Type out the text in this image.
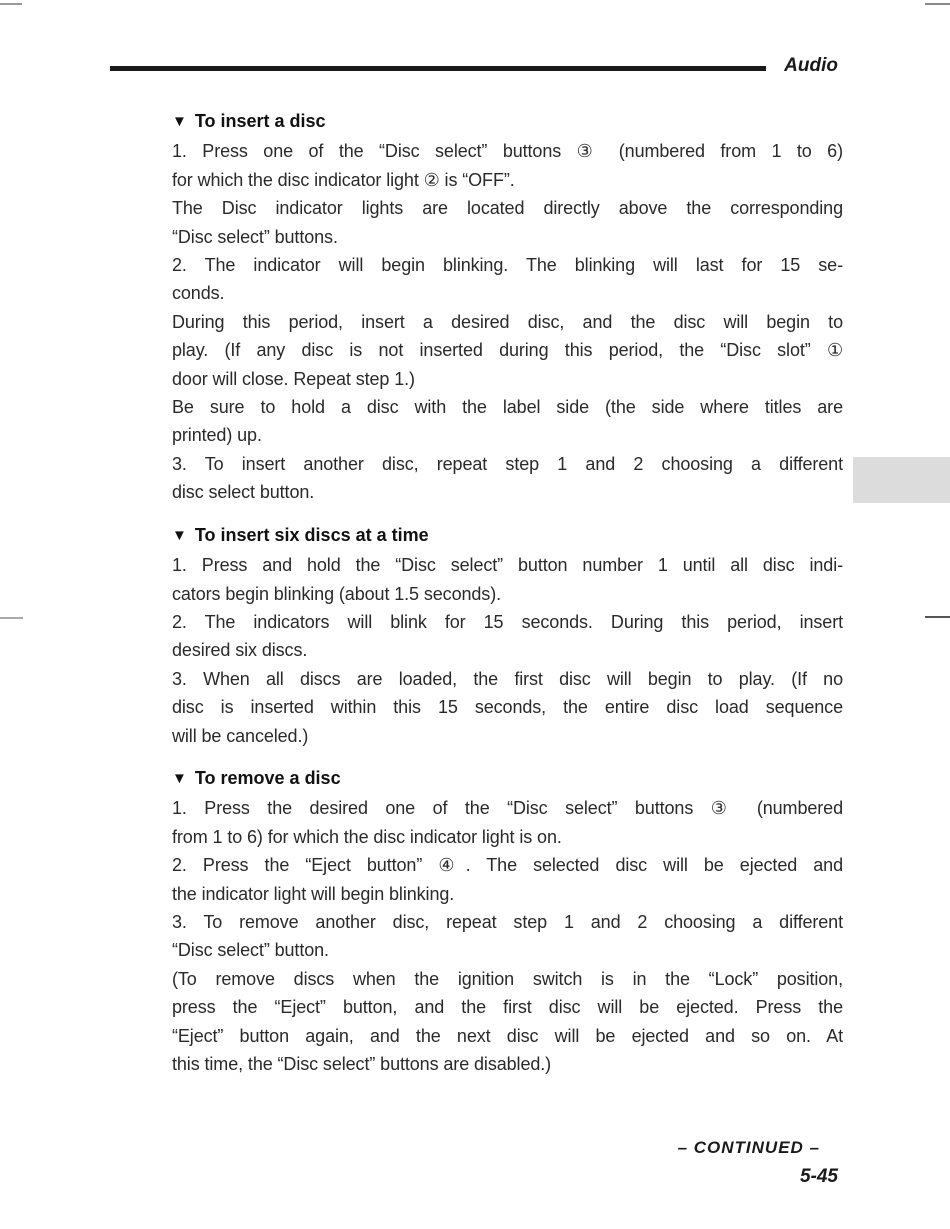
Audio
▼ To insert a disc
1. Press one of the “Disc select” buttons ③ (numbered from 1 to 6)
for which the disc indicator light ② is “OFF”.
The Disc indicator lights are located directly above the corresponding
“Disc select” buttons.
2. The indicator will begin blinking. The blinking will last for 15 se-
conds.
During this period, insert a desired disc, and the disc will begin to
play. (If any disc is not inserted during this period, the “Disc slot” ①
door will close. Repeat step 1.)
Be sure to hold a disc with the label side (the side where titles are
printed) up.
3. To insert another disc, repeat step 1 and 2 choosing a different
disc select button.
▼ To insert six discs at a time
1. Press and hold the “Disc select” button number 1 until all disc indi-
cators begin blinking (about 1.5 seconds).
2. The indicators will blink for 15 seconds. During this period, insert
desired six discs.
3. When all discs are loaded, the first disc will begin to play. (If no
disc is inserted within this 15 seconds, the entire disc load sequence
will be canceled.)
▼ To remove a disc
1. Press the desired one of the “Disc select” buttons ③ (numbered
from 1 to 6) for which the disc indicator light is on.
2. Press the “Eject button” ④. The selected disc will be ejected and
the indicator light will begin blinking.
3. To remove another disc, repeat step 1 and 2 choosing a different
“Disc select” button.
(To remove discs when the ignition switch is in the “Lock” position,
press the “Eject” button, and the first disc will be ejected. Press the
“Eject” button again, and the next disc will be ejected and so on. At
this time, the “Disc select” buttons are disabled.)
– CONTINUED –
5-45
